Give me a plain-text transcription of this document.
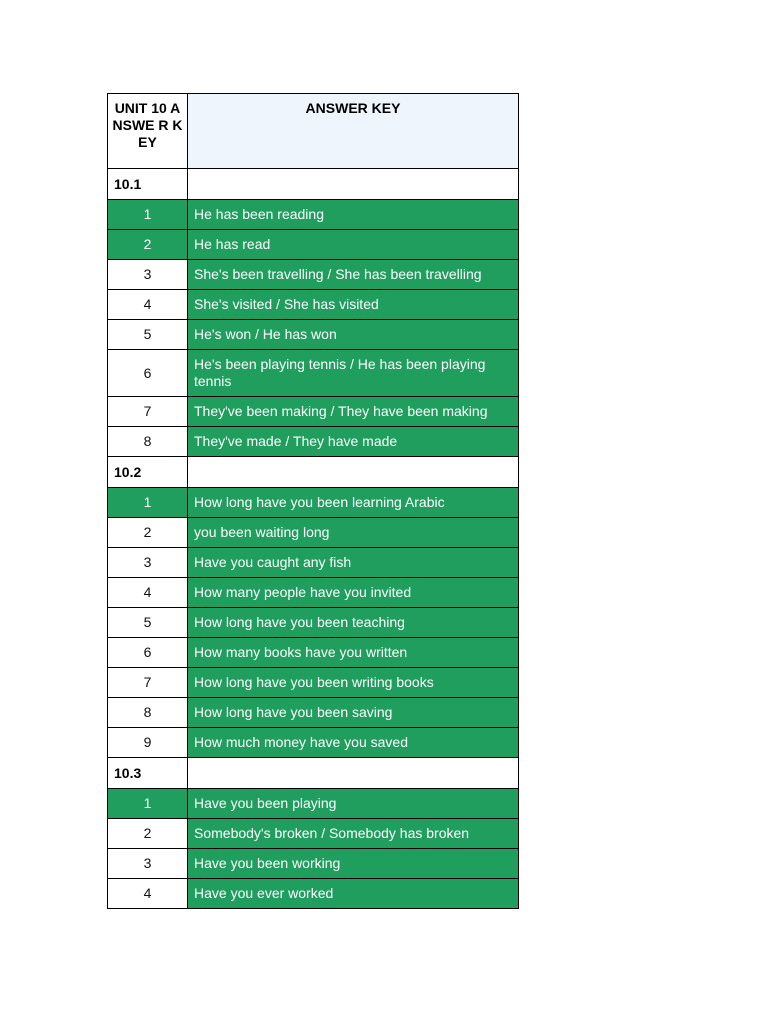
UNIT 10 ANSWE R KEY	ANSWER KEY
10.1	
1	He has been reading
2	He has read
3	She's been travelling / She has been travelling
4	She's visited / She has visited
5	He's won / He has won
6	He's been playing tennis / He has been playing tennis
7	They've been making / They have been making
8	They've made / They have made
10.2	
1	How long have you been learning Arabic
2	you been waiting long
3	Have you caught any fish
4	How many people have you invited
5	How long have you been teaching
6	How many books have you written
7	How long have you been writing books
8	How long have you been saving
9	How much money have you saved
10.3	
1	Have you been playing
2	Somebody's broken / Somebody has broken
3	Have you been working
4	Have you ever worked
